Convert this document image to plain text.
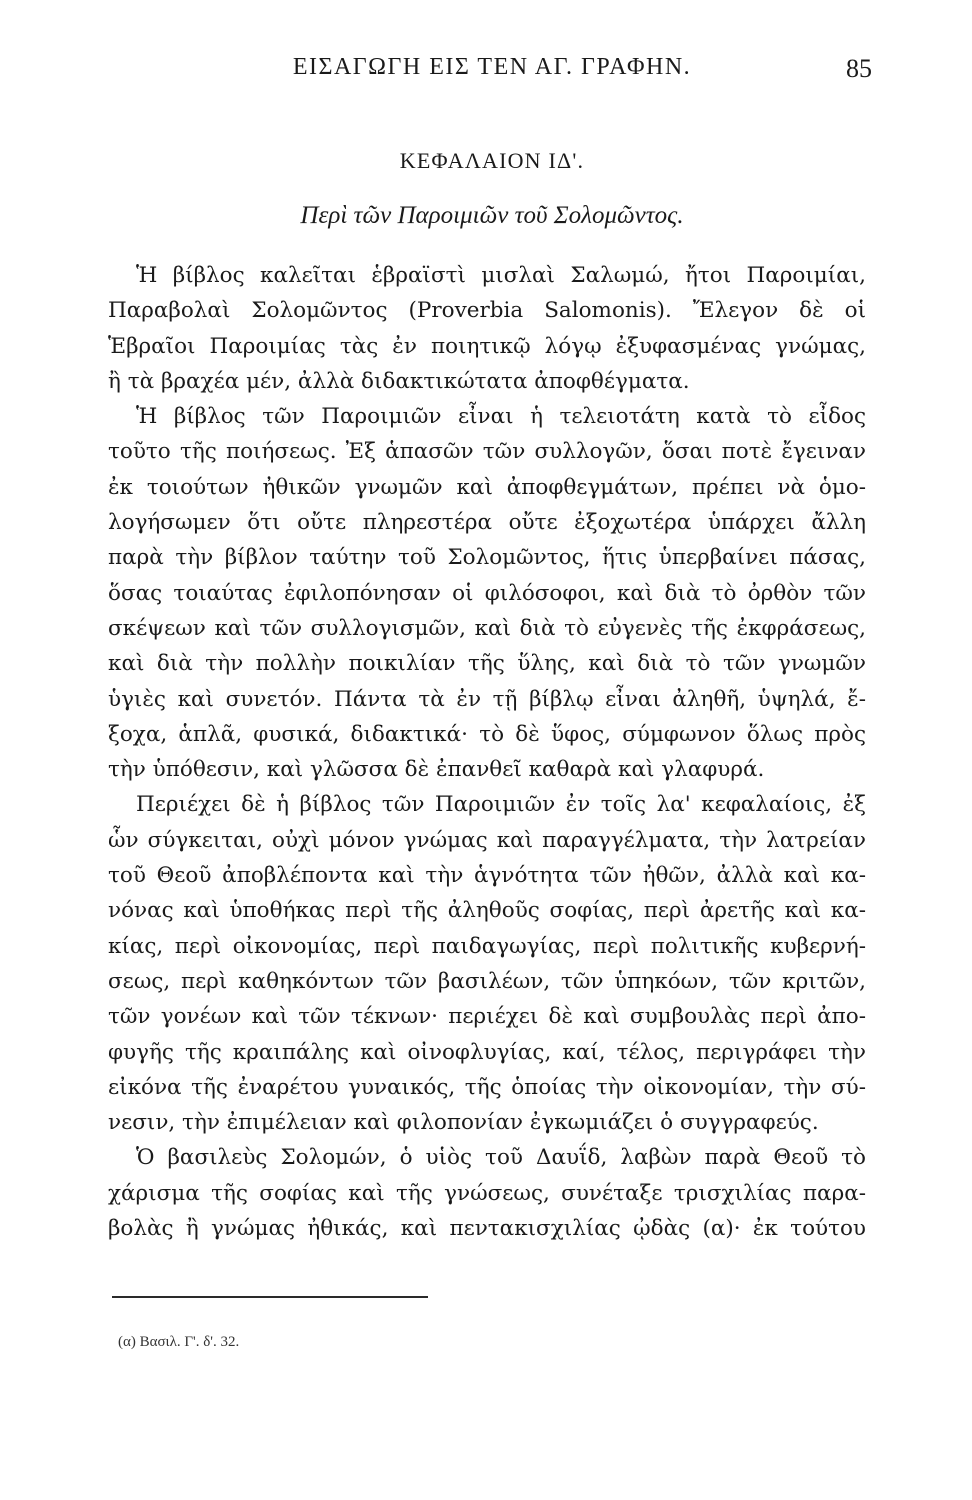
ΕΙΣΑΓΩΓΗ ΕΙΣ ΤΕΝ ΑΓ. ΓΡΑΦΗΝ.	85
ΚΕΦΑΛΑΙΟΝ ΙΔ'.
Περὶ τῶν Παροιμιῶν τοῦ Σολομῶντος.
Ἡ βίβλος καλεῖται ἑβραϊστὶ μισλαὶ Σαλωμώ, ἤτοι Παροιμίαι,
Παραβολαὶ Σολομῶντος (Proverbia Salomonis). Ἔλεγον δὲ οἱ
Ἑβραῖοι Παροιμίας τὰς ἐν ποιητικῷ λόγῳ ἐξυφασμένας γνώμας,
ἢ τὰ βραχέα μέν, ἀλλὰ διδακτικώτατα ἀποφθέγματα.
Ἡ βίβλος τῶν Παροιμιῶν εἶναι ἡ τελειοτάτη κατὰ τὸ εἶδος
τοῦτο τῆς ποιήσεως. Ἐξ ἁπασῶν τῶν συλλογῶν, ὅσαι ποτὲ ἔγειναν
ἐκ τοιούτων ἠθικῶν γνωμῶν καὶ ἀποφθεγμάτων, πρέπει νὰ ὁμο-
λογήσωμεν ὅτι οὔτε πληρεστέρα οὔτε ἐξοχωτέρα ὑπάρχει ἄλλη
παρὰ τὴν βίβλον ταύτην τοῦ Σολομῶντος, ἥτις ὑπερβαίνει πάσας,
ὅσας τοιαύτας ἐφιλοπόνησαν οἱ φιλόσοφοι, καὶ διὰ τὸ ὀρθὸν τῶν
σκέψεων καὶ τῶν συλλογισμῶν, καὶ διὰ τὸ εὐγενὲς τῆς ἐκφράσεως,
καὶ διὰ τὴν πολλὴν ποικιλίαν τῆς ὕλης, καὶ διὰ τὸ τῶν γνωμῶν
ὑγιὲς καὶ συνετόν. Πάντα τὰ ἐν τῇ βίβλῳ εἶναι ἀληθῆ, ὑψηλά, ἔ-
ξοχα, ἁπλᾶ, φυσικά, διδακτικά· τὸ δὲ ὕφος, σύμφωνον ὅλως πρὸς
τὴν ὑπόθεσιν, καὶ γλῶσσα δὲ ἐπανθεῖ καθαρὰ καὶ γλαφυρά.
Περιέχει δὲ ἡ βίβλος τῶν Παροιμιῶν ἐν τοῖς λα' κεφαλαίοις, ἐξ
ὧν σύγκειται, οὐχὶ μόνον γνώμας καὶ παραγγέλματα, τὴν λατρείαν
τοῦ Θεοῦ ἀποβλέποντα καὶ τὴν ἁγνότητα τῶν ἠθῶν, ἀλλὰ καὶ κα-
νόνας καὶ ὑποθήκας περὶ τῆς ἀληθοῦς σοφίας, περὶ ἀρετῆς καὶ κα-
κίας, περὶ οἰκονομίας, περὶ παιδαγωγίας, περὶ πολιτικῆς κυβερνή-
σεως, περὶ καθηκόντων τῶν βασιλέων, τῶν ὑπηκόων, τῶν κριτῶν,
τῶν γονέων καὶ τῶν τέκνων· περιέχει δὲ καὶ συμβουλὰς περὶ ἀπο-
φυγῆς τῆς κραιπάλης καὶ οἰνοφλυγίας, καί, τέλος, περιγράφει τὴν
εἰκόνα τῆς ἐναρέτου γυναικός, τῆς ὁποίας τὴν οἰκονομίαν, τὴν σύ-
νεσιν, τὴν ἐπιμέλειαν καὶ φιλοπονίαν ἐγκωμιάζει ὁ συγγραφεύς.
Ὁ βασιλεὺς Σολομών, ὁ υἱὸς τοῦ Δαυΐδ, λαβὼν παρὰ Θεοῦ τὸ
χάρισμα τῆς σοφίας καὶ τῆς γνώσεως, συνέταξε τρισχιλίας παρα-
βολὰς ἢ γνώμας ἠθικάς, καὶ πεντακισχιλίας ᾠδὰς (α)· ἐκ τούτου
(α) Βασιλ. Γ'. δ'. 32.
